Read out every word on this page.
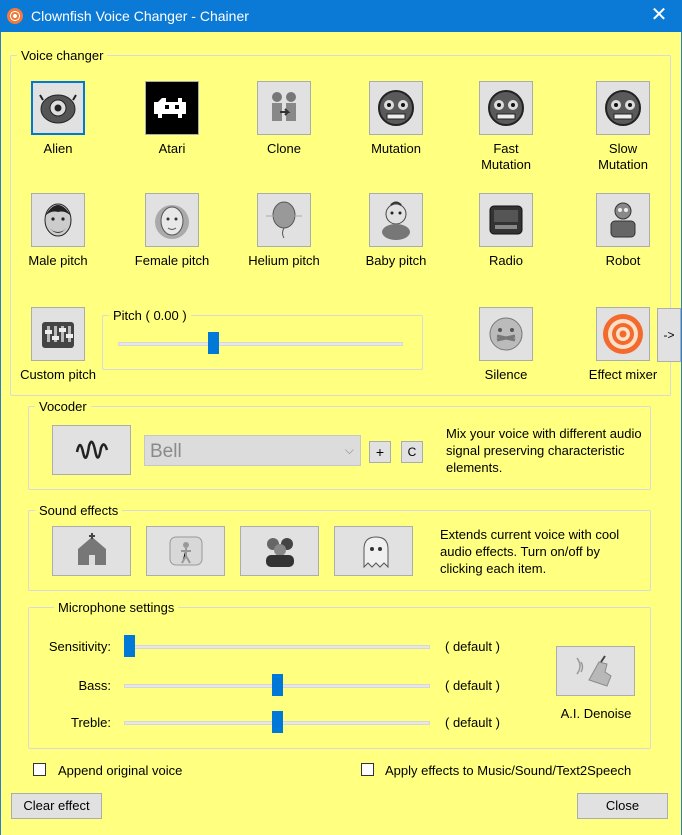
Clownfish Voice Changer - Chainer	✕
Voice changer
Alien	Atari	Clone	Mutation	Fast
Mutation
Slow
Mutation
Male pitch	Female pitch	Helium pitch	Baby pitch	Radio	Robot
Custom pitch	Silence	Effect mixer
Pitch ( 0.00 )
->
Vocoder
Bell	⌵	+	C
Mix your voice with different audio signal preserving characteristic elements.
Sound effects
Extends current voice with cool audio effects. Turn on/off by clicking each item.
Microphone settings
Sensitivity:	( default )
Bass:	( default )
Treble:	( default )
A.I. Denoise
Append original voice	Apply effects to Music/Sound/Text2Speech
Clear effect	Close
